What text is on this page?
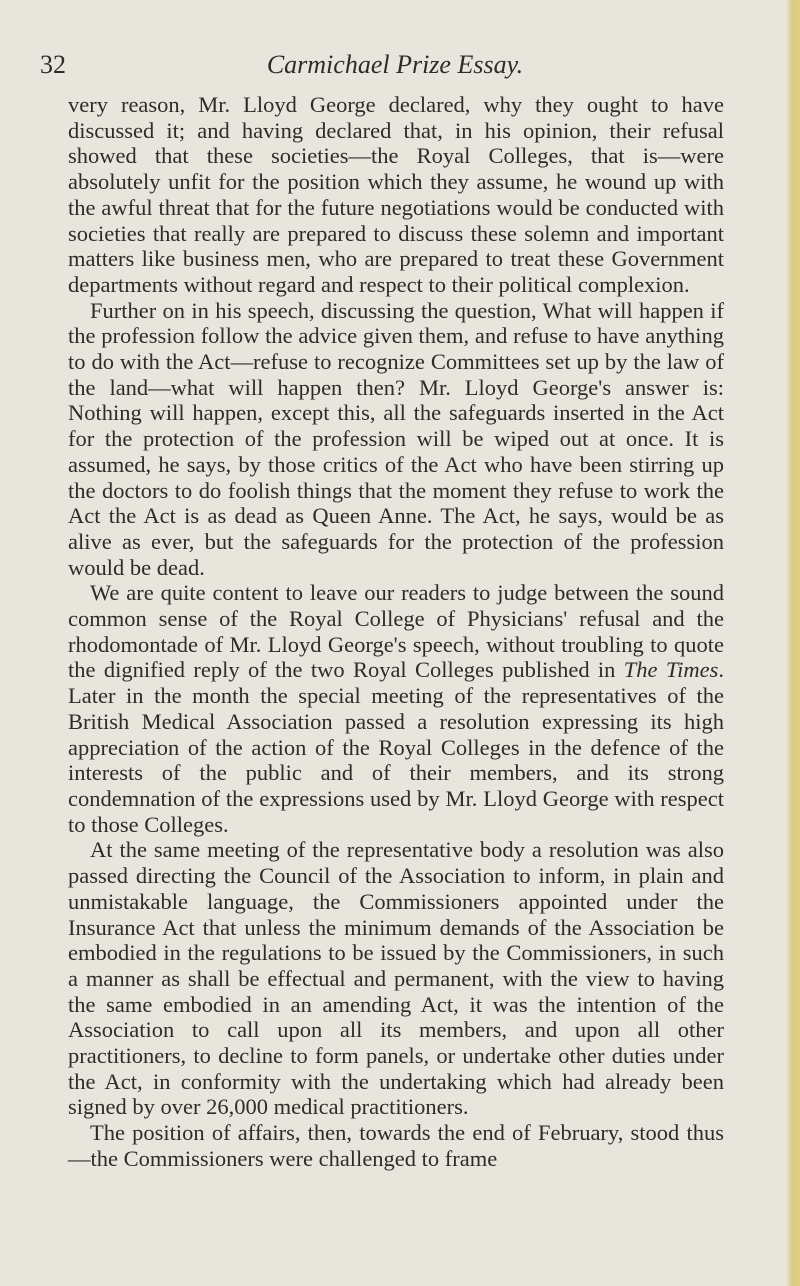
32	Carmichael Prize Essay.

very reason, Mr. Lloyd George declared, why they ought to have discussed it; and having declared that, in his opinion, their refusal showed that these societies—the Royal Colleges, that is—were absolutely unfit for the position which they assume, he wound up with the awful threat that for the future negotiations would be conducted with societies that really are prepared to discuss these solemn and important matters like business men, who are prepared to treat these Government departments without regard and respect to their political complexion.

Further on in his speech, discussing the question, What will happen if the profession follow the advice given them, and refuse to have anything to do with the Act—refuse to recognize Committees set up by the law of the land—what will happen then? Mr. Lloyd George's answer is: Nothing will happen, except this, all the safeguards inserted in the Act for the protection of the profession will be wiped out at once. It is assumed, he says, by those critics of the Act who have been stirring up the doctors to do foolish things that the moment they refuse to work the Act the Act is as dead as Queen Anne. The Act, he says, would be as alive as ever, but the safeguards for the protection of the profession would be dead.

We are quite content to leave our readers to judge between the sound common sense of the Royal College of Physicians' refusal and the rhodomontade of Mr. Lloyd George's speech, without troubling to quote the dignified reply of the two Royal Colleges published in The Times. Later in the month the special meeting of the representatives of the British Medical Association passed a resolution expressing its high appreciation of the action of the Royal Colleges in the defence of the interests of the public and of their members, and its strong condemnation of the expressions used by Mr. Lloyd George with respect to those Colleges.

At the same meeting of the representative body a resolution was also passed directing the Council of the Association to inform, in plain and unmistakable language, the Commissioners appointed under the Insurance Act that unless the minimum demands of the Association be embodied in the regulations to be issued by the Commissioners, in such a manner as shall be effectual and permanent, with the view to having the same embodied in an amending Act, it was the intention of the Association to call upon all its members, and upon all other practitioners, to decline to form panels, or undertake other duties under the Act, in conformity with the undertaking which had already been signed by over 26,000 medical practitioners.

The position of affairs, then, towards the end of February, stood thus—the Commissioners were challenged to frame
